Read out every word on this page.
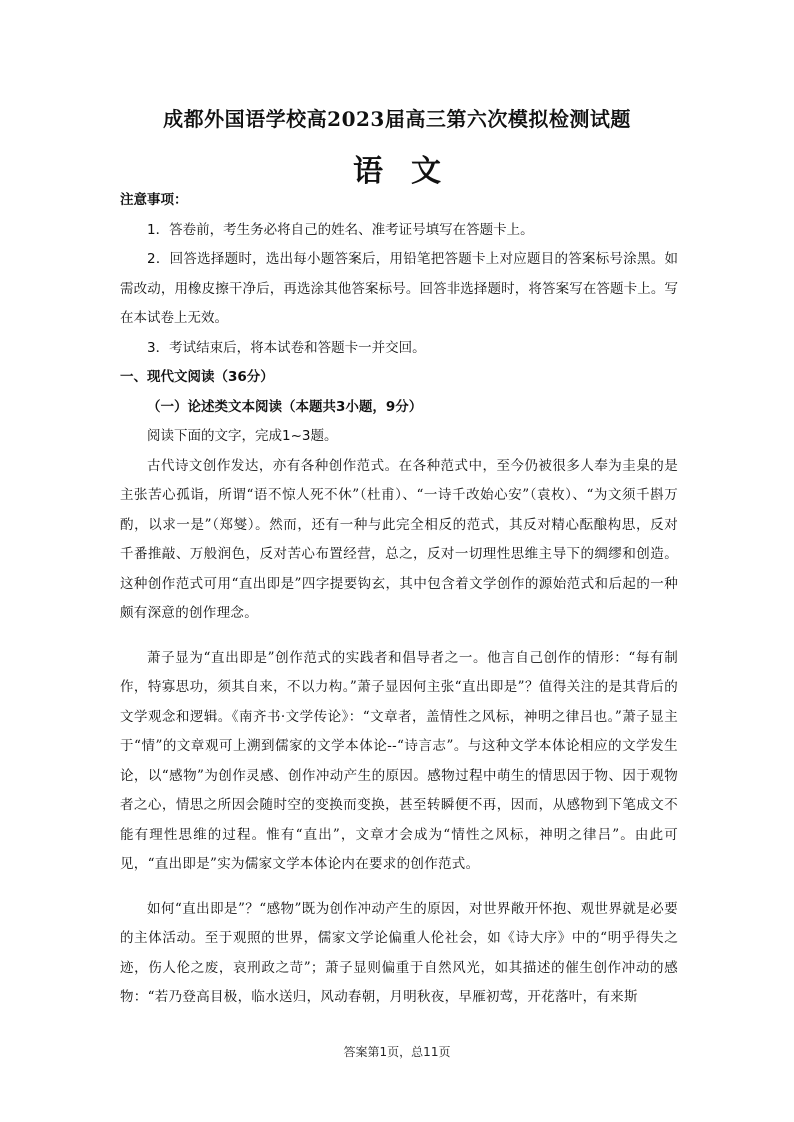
成都外国语学校高2023届高三第六次模拟检测试题
语文

注意事项：

1．答卷前，考生务必将自己的姓名、准考证号填写在答题卡上。

2．回答选择题时，选出每小题答案后，用铅笔把答题卡上对应题目的答案标号涂黑。如需改动，用橡皮擦干净后，再选涂其他答案标号。回答非选择题时，将答案写在答题卡上。写在本试卷上无效。

3．考试结束后，将本试卷和答题卡一并交回。

一、现代文阅读（36分）

（一）论述类文本阅读（本题共3小题，9分）

阅读下面的文字，完成1~3题。

古代诗文创作发达，亦有各种创作范式。在各种范式中，至今仍被很多人奉为圭臬的是主张苦心孤诣，所谓“语不惊人死不休”（杜甫）、“一诗千改始心安”（袁枚）、“为文须千斟万酌，以求一是”（郑燮）。然而，还有一种与此完全相反的范式，其反对精心酝酿构思，反对千番推敲、万般润色，反对苦心布置经营，总之，反对一切理性思维主导下的绸缪和创造。这种创作范式可用“直出即是”四字提要钩玄，其中包含着文学创作的源始范式和后起的一种颇有深意的创作理念。

萧子显为“直出即是”创作范式的实践者和倡导者之一。他言自己创作的情形：“每有制作，特寡思功，须其自来，不以力构。”萧子显因何主张“直出即是”？值得关注的是其背后的文学观念和逻辑。《南齐书·文学传论》：“文章者，盖情性之风标，神明之律吕也。”萧子显主于“情”的文章观可上溯到儒家的文学本体论--“诗言志”。与这种文学本体论相应的文学发生论，以“感物”为创作灵感、创作冲动产生的原因。感物过程中萌生的情思因于物、因于观物者之心，情思之所因会随时空的变换而变换，甚至转瞬便不再，因而，从感物到下笔成文不能有理性思维的过程。惟有“直出”，文章才会成为“情性之风标，神明之律吕”。由此可见，“直出即是”实为儒家文学本体论内在要求的创作范式。

如何“直出即是”？“感物”既为创作冲动产生的原因，对世界敞开怀抱、观世界就是必要的主体活动。至于观照的世界，儒家文学论偏重人伦社会，如《诗大序》中的“明乎得失之迹，伤人伦之废，哀刑政之苛”；萧子显则偏重于自然风光，如其描述的催生创作冲动的感物：“若乃登高目极，临水送归，风动春朝，月明秋夜，早雁初莺，开花落叶，有来斯

答案第1页，总11页
